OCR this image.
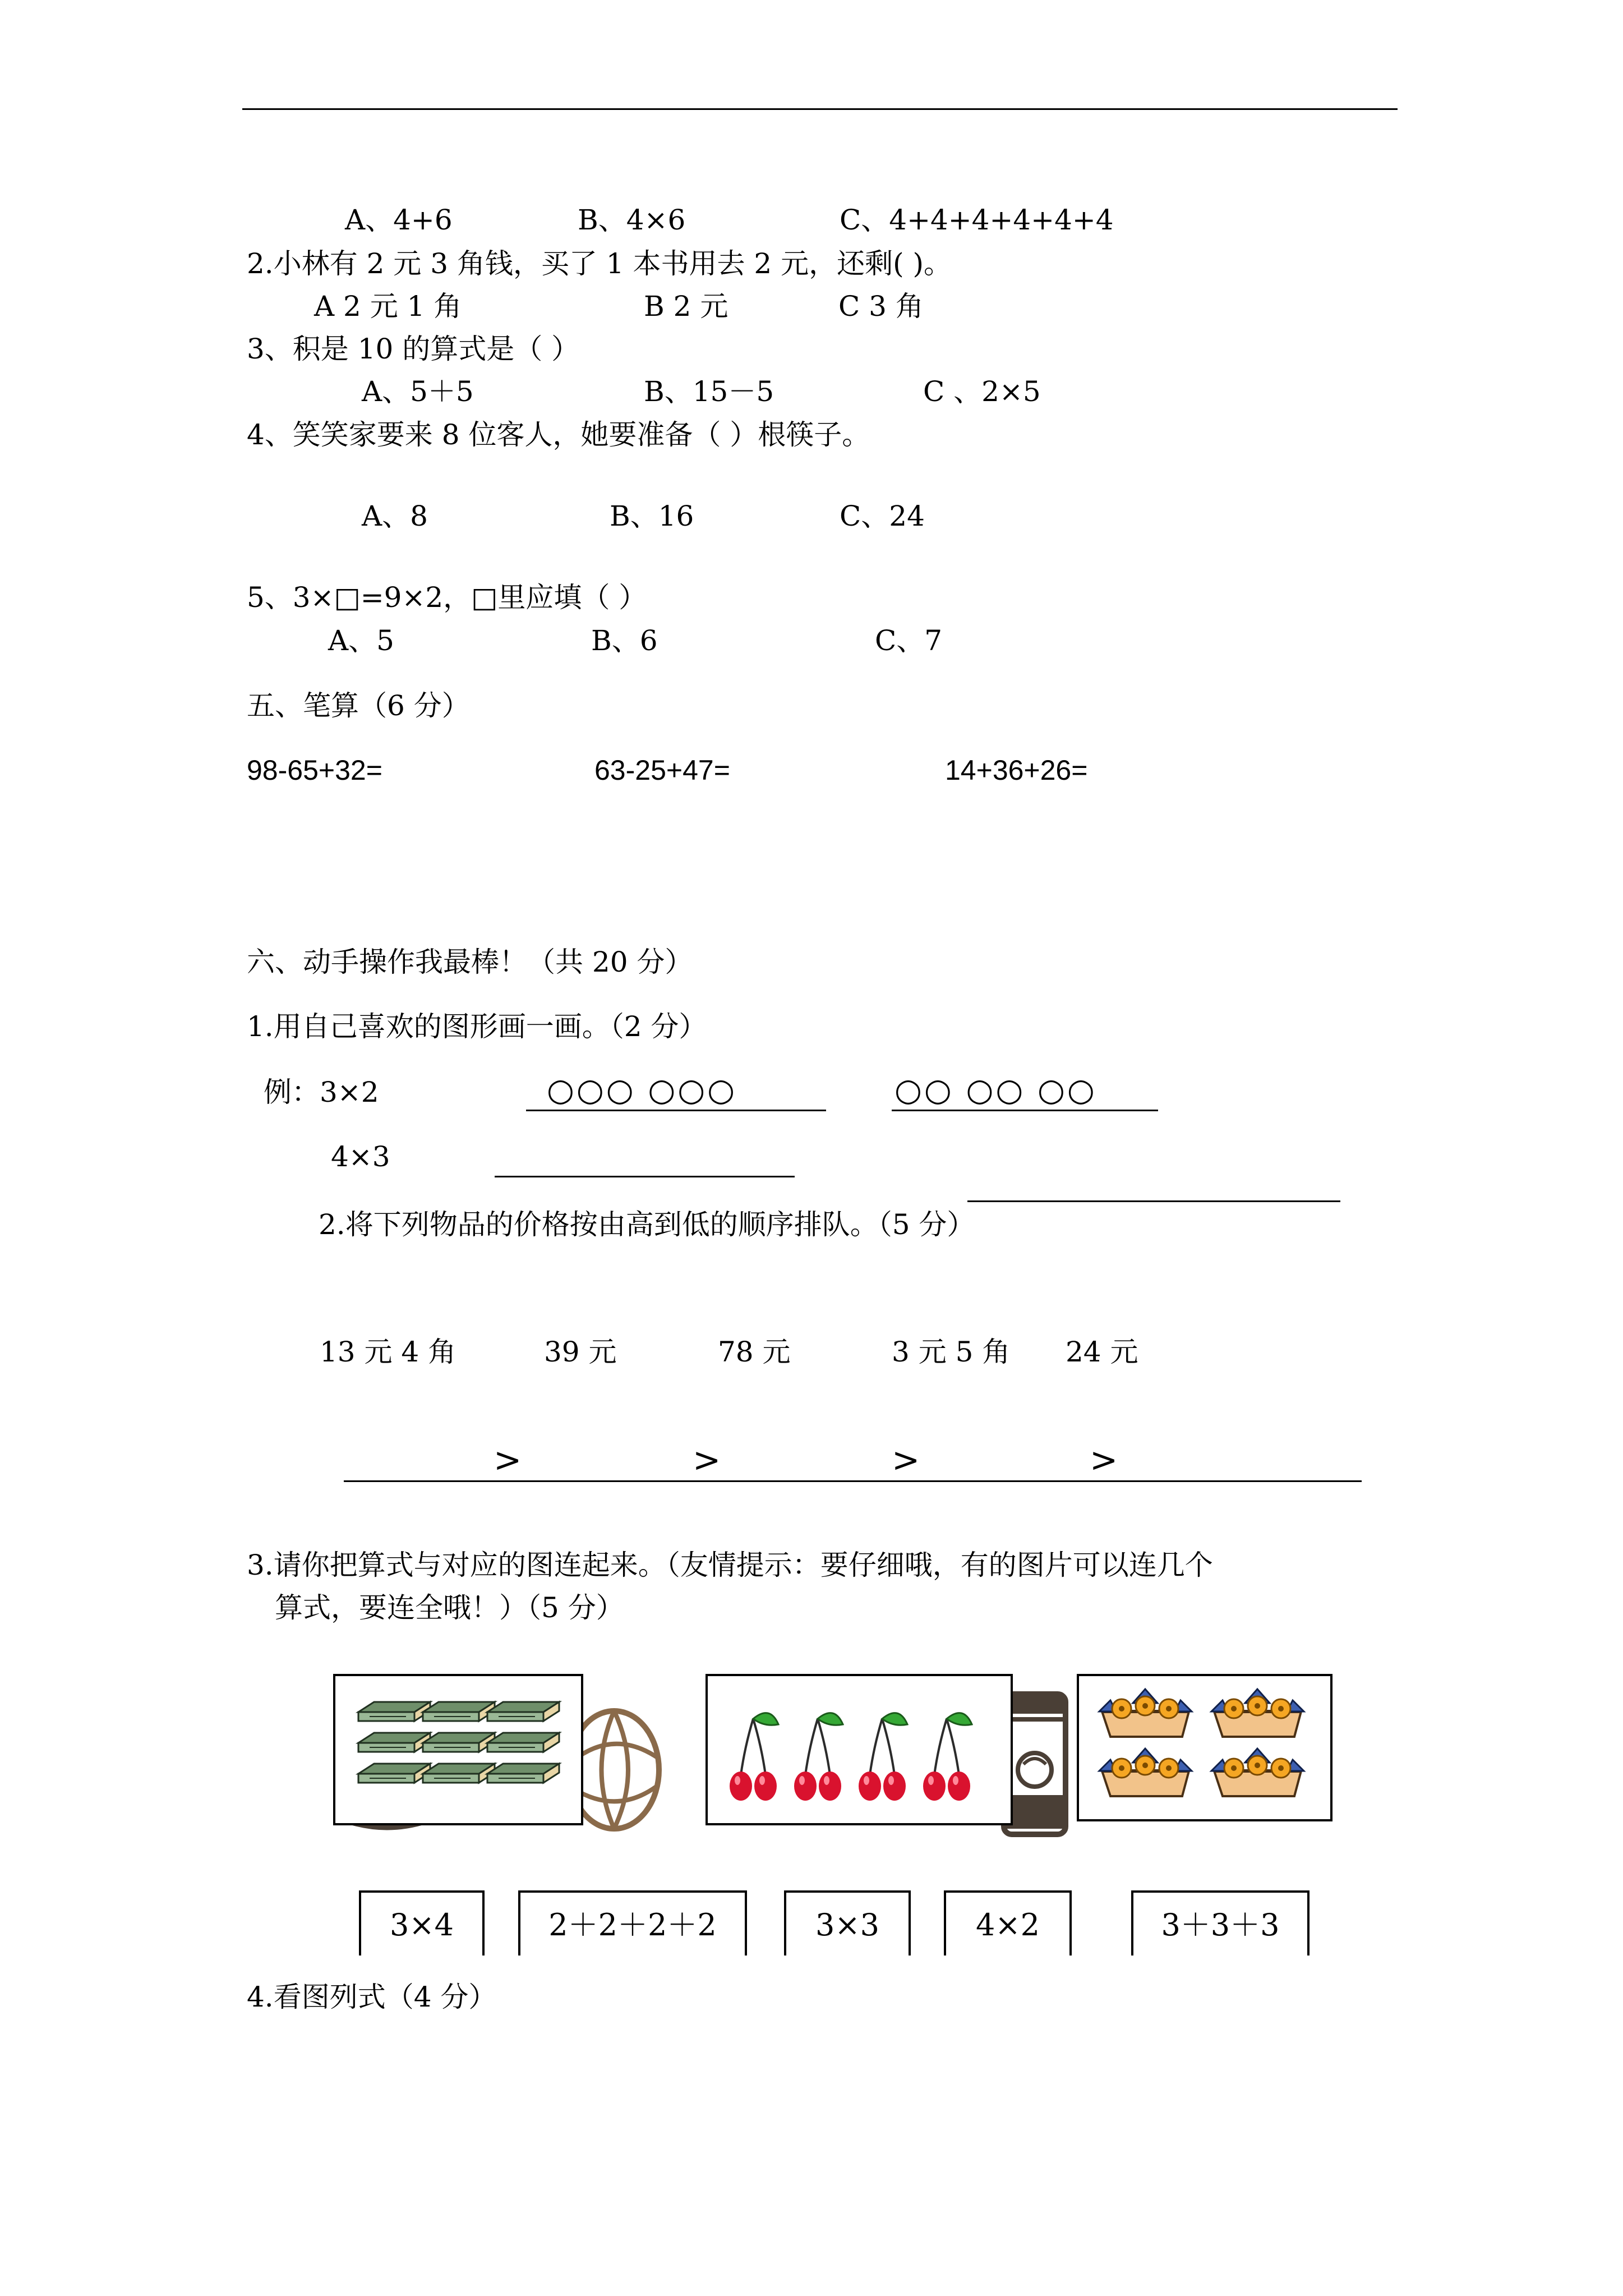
A、4+6	B、4×6	C、4+4+4+4+4+4
2.小林有 2 元 3 角钱，买了 1 本书用去 2 元，还剩( )。
A 2 元 1 角	B 2 元	C 3 角
3、积是 10 的算式是（ ）
A、5＋5	B、15－5	C 、2×5
4、笑笑家要来 8 位客人，她要准备（ ）根筷子。
A、8	B、16	C、24
5、3×□=9×2，□里应填（ ）
A、5	B、6	C、7
五、笔算（6 分）
98-65+32=	63-25+47=	14+36+26=
六、动手操作我最棒！（共 20 分）
1.用自己喜欢的图形画一画。（2 分）
例：3×2	○○○ ○○○	○○ ○○ ○○
4×3
2.将下列物品的价格按由高到低的顺序排队。（5 分）
13 元 4 角	39 元	78 元	3 元 5 角 24 元
>	>	>	>
3.请你把算式与对应的图连起来。（友情提示：要仔细哦，有的图片可以连几个
算式，要连全哦！）（5 分）
3×4	2＋2＋2＋2	3×3	4×2	3＋3＋3
4.看图列式（4 分）
